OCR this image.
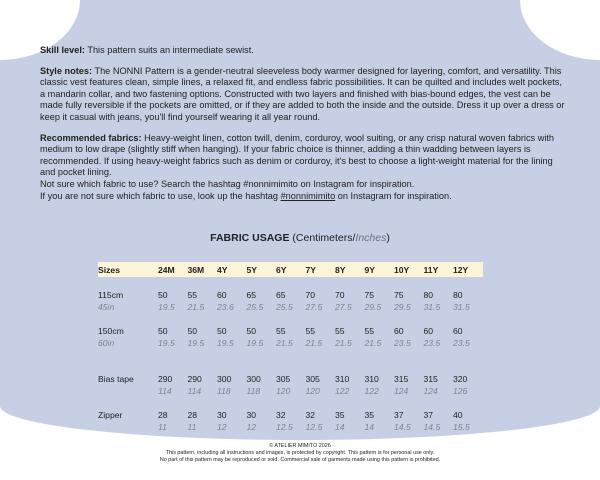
Skill level: This pattern suits an intermediate sewist.

Style notes: The NONNI Pattern is a gender-neutral sleeveless body warmer designed for layering, comfort, and versatility. This classic vest features clean, simple lines, a relaxed fit, and endless fabric possibilities. It can be quilted and includes welt pockets, a mandarin collar, and two fastening options. Constructed with two layers and finished with bias-bound edges, the vest can be made fully reversible if the pockets are omitted, or if they are added to both the inside and the outside. Dress it up over a dress or keep it casual with jeans, you'll find yourself wearing it all year round.

Recommended fabrics: Heavy-weight linen, cotton twill, denim, corduroy, wool suiting, or any crisp natural woven fabrics with medium to low drape (slightly stiff when hanging). If your fabric choice is thinner, adding a thin wadding between layers is recommended. If using heavy-weight fabrics such as denim or corduroy, it's best to choose a light-weight material for the lining and pocket lining.
Not sure which fabric to use? Search the hashtag #nonnimimito on Instagram for inspiration.
If you are not sure which fabric to use, look up the hashtag #nonnimimito on Instagram for inspiration.

FABRIC USAGE (Centimeters/Inches)
Sizes	24M	36M	4Y	5Y	6Y	7Y	8Y	9Y	10Y	11Y	12Y

115cm	50	55	60	65	65	70	70	75	75	80	80
45in	19.5	21.5	23.6	25.5	25.5	27.5	27.5	29.5	29.5	31.5	31.5

150cm	50	50	50	50	55	55	55	55	60	60	60
60in	19.5	19.5	19.5	19.5	21.5	21.5	21.5	21.5	23.5	23.5	23.5

Bias tape	290	290	300	300	305	305	310	310	315	315	320
	114	114	118	118	120	120	122	122	124	124	126

Zipper	28	28	30	30	32	32	35	35	37	37	40
	11	11	12	12	12.5	12.5	14	14	14.5	14.5	15.5
© ATELIER MIMITO 2026
This pattern, including all instructions and images, is protected by copyright. This pattern is for personal use only.
No part of this pattern may be reproduced or sold. Commercial sale of garments made using this pattern is prohibited.
